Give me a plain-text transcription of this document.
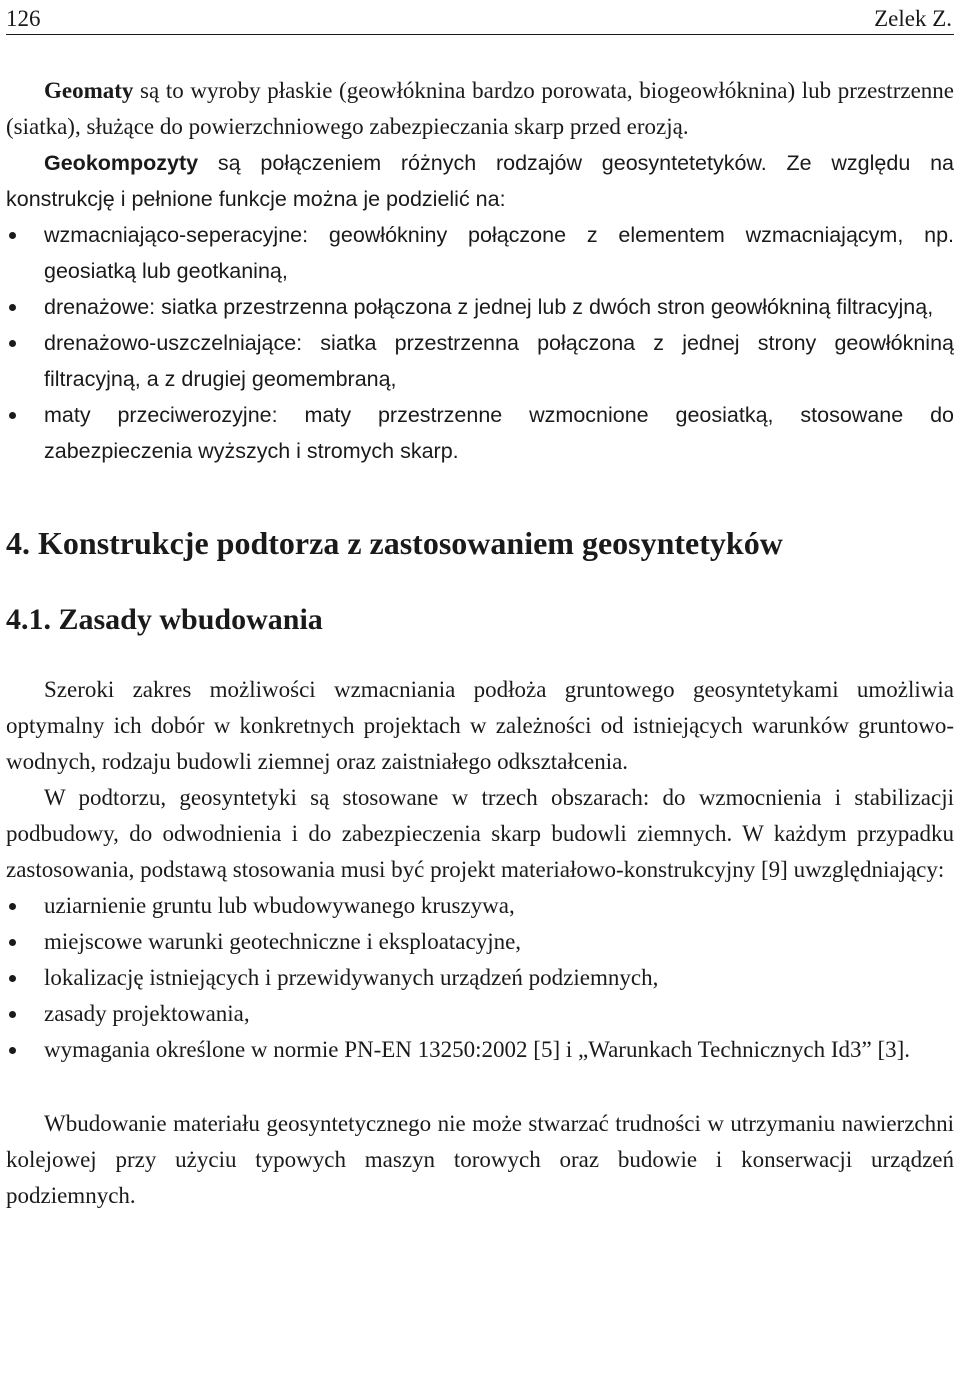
126	Zelek Z.

Geomaty są to wyroby płaskie (geowłóknina bardzo porowata, biogeowłóknina) lub przestrzenne (siatka), służące do powierzchniowego zabezpieczania skarp przed erozją.

Geokompozyty są połączeniem różnych rodzajów geosyntetetyków. Ze względu na konstrukcję i pełnione funkcje można je podzielić na:

wzmacniająco-seperacyjne: geowłókniny połączone z elementem wzmacniającym, np. geosiatką lub geotkaniną,
drenażowe: siatka przestrzenna połączona z jednej lub z dwóch stron geowłókniną filtracyjną,
drenażowo-uszczelniające: siatka przestrzenna połączona z jednej strony geowłókniną filtracyjną, a z drugiej geomembraną,
maty przeciwerozyjne: maty przestrzenne wzmocnione geosiatką, stosowane do zabezpieczenia wyższych i stromych skarp.
4. Konstrukcje podtorza z zastosowaniem geosyntetyków
4.1. Zasady wbudowania

Szeroki zakres możliwości wzmacniania podłoża gruntowego geosyntetykami umożliwia optymalny ich dobór w konkretnych projektach w zależności od istniejących warunków gruntowo-wodnych, rodzaju budowli ziemnej oraz zaistniałego odkształcenia.

W podtorzu, geosyntetyki są stosowane w trzech obszarach: do wzmocnienia i stabilizacji podbudowy, do odwodnienia i do zabezpieczenia skarp budowli ziemnych. W każdym przypadku zastosowania, podstawą stosowania musi być projekt materiałowo-konstrukcyjny [9] uwzględniający:

uziarnienie gruntu lub wbudowywanego kruszywa,
miejscowe warunki geotechniczne i eksploatacyjne,
lokalizację istniejących i przewidywanych urządzeń podziemnych,
zasady projektowania,
wymagania określone w normie PN-EN 13250:2002 [5] i „Warunkach Technicznych Id3” [3].

Wbudowanie materiału geosyntetycznego nie może stwarzać trudności w utrzymaniu nawierzchni kolejowej przy użyciu typowych maszyn torowych oraz budowie i konserwacji urządzeń podziemnych.
